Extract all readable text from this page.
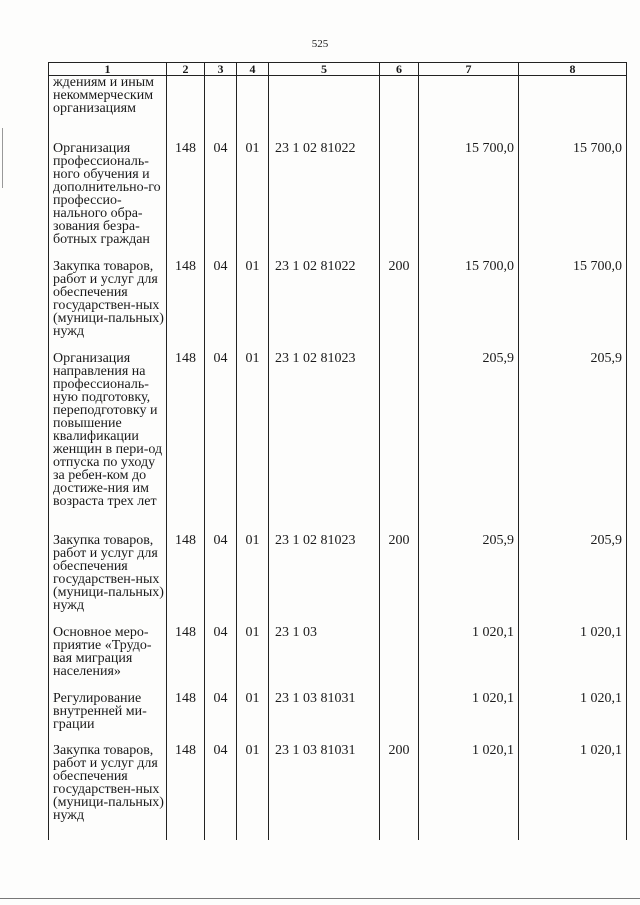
525
1	2	3	4	5	6	7	8
ждениям и иным некоммерческим организациям							
Организация профессиональ-ного обучения и дополнительно-го профессио-нального обра-зования безра-ботных граждан	148	04	01	23 1 02 81022		15 700,0	15 700,0
Закупка товаров, работ и услуг для обеспечения государствен-ных (муници-пальных) нужд	148	04	01	23 1 02 81022	200	15 700,0	15 700,0
Организация направления на профессиональ-ную подготовку, переподготовку и повышение квалификации женщин в пери-од отпуска по уходу за ребен-ком до достиже-ния им возраста трех лет	148	04	01	23 1 02 81023		205,9	205,9
Закупка товаров, работ и услуг для обеспечения государствен-ных (муници-пальных) нужд	148	04	01	23 1 02 81023	200	205,9	205,9
Основное меро-приятие «Трудо-вая миграция населения»	148	04	01	23 1 03		1 020,1	1 020,1
Регулирование внутренней ми-грации	148	04	01	23 1 03 81031		1 020,1	1 020,1
Закупка товаров, работ и услуг для обеспечения государствен-ных (муници-пальных) нужд	148	04	01	23 1 03 81031	200	1 020,1	1 020,1
